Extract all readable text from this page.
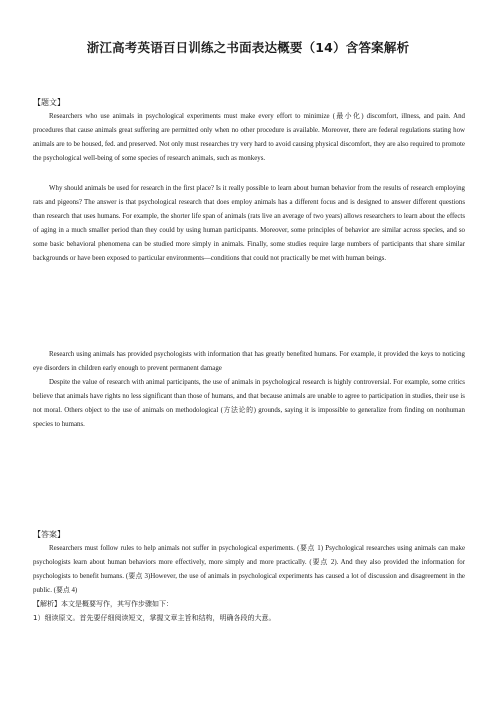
浙江高考英语百日训练之书面表达概要（14）含答案解析
【题文】

Researchers who use animals in psychological experiments must make every effort to minimize (最小化) discomfort, illness, and pain. And procedures that cause animals great suffering are permitted only when no other procedure is available. Moreover, there are federal regulations stating how animals are to be housed, fed. and preserved. Not only must researches try very hard to avoid causing physical discomfort, they are also required to promote the psychological well-being of some species of research animals, such as monkeys.

Why should animals be used for research in the first place? Is it really possible to learn about human behavior from the results of research employing rats and pigeons? The answer is that psychological research that does employ animals has a different focus and is designed to answer different questions than research that uses humans. For example, the shorter life span of animals (rats live an average of two years) allows researchers to learn about the effects of aging in a much smaller period than they could by using human participants. Moreover, some principles of behavior are similar across species, and so some basic behavioral phenomena can be studied more simply in animals. Finally, some studies require large numbers of participants that share similar backgrounds or have been exposed to particular environments—conditions that could not practically be met with human beings.

Research using animals has provided psychologists with information that has greatly benefited humans. For example, it provided the keys to noticing eye disorders in children early enough to prevent permanent damage

Despite the value of research with animal participants, the use of animals in psychological research is highly controversial. For example, some critics believe that animals have rights no less significant than those of humans, and that because animals are unable to agree to participation in studies, their use is not moral. Others object to the use of animals on methodological (方法论的) grounds, saying it is impossible to generalize from finding on nonhuman species to humans.

【答案】

Researchers must follow rules to help animals not suffer in psychological experiments. (要点 1) Psychological researches using animals can make psychologists learn about human behaviors more effectively, more simply and more practically. (要点 2). And they also provided the information for psychologists to benefit humans. (要点 3)However, the use of animals in psychological experiments has caused a lot of discussion and disagreement in the public. (要点 4)

【解析】本文是概要写作，其写作步骤如下：
1）细读原文。首先要仔细阅读短文，掌握文章主旨和结构，明确各段的大意。
